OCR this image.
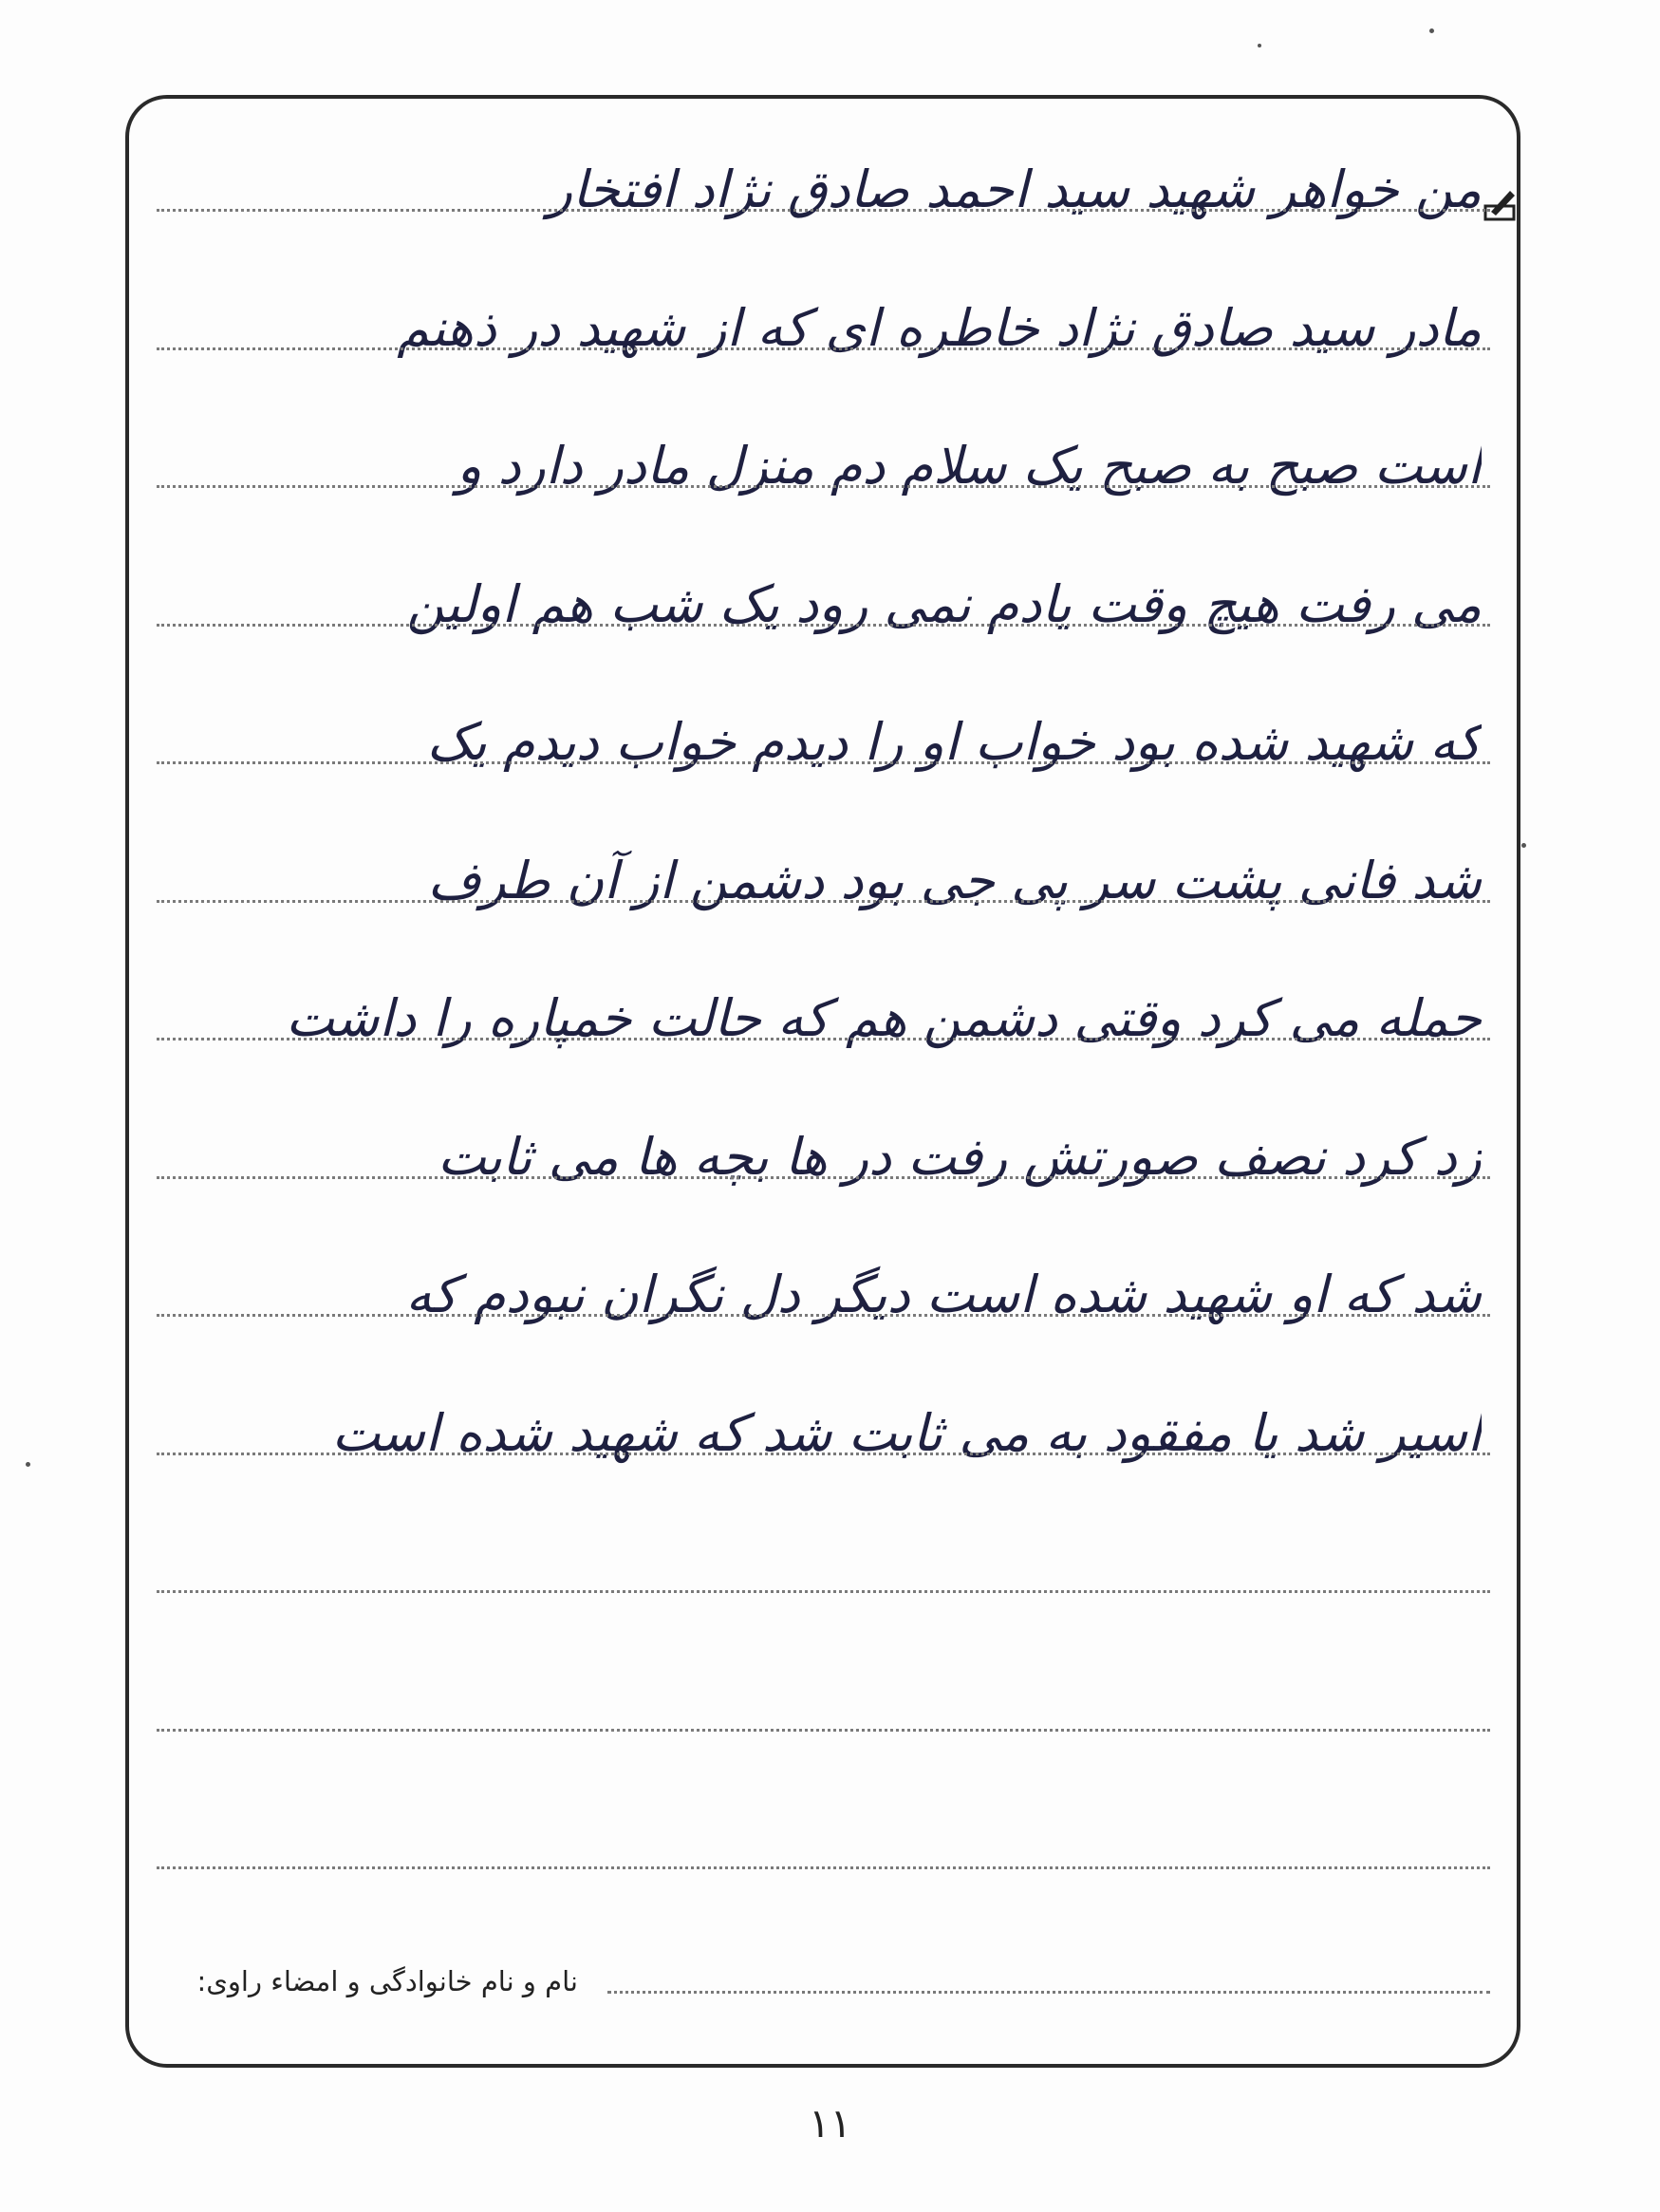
من خواهر شهید سید احمد صادق نژاد افتخار
مادر سید صادق نژاد خاطره ای که از شهید در ذهنم
است صبح به صبح یک سلام دم منزل مادر دارد و
می رفت هیچ وقت یادم نمی رود یک شب هم اولین
که شهید شده بود خواب او را دیدم خواب دیدم یک
شد فانی پشت سر پی جی بود دشمن از آن طرف
حمله می کرد وقتی دشمن هم که حالت خمپاره را داشت
زد کرد نصف صورتش رفت در ها بچه ها می ثابت
شد که او شهید شده است دیگر دل نگران نبودم که
اسیر شد یا مفقود به می ثابت شد که شهید شده است
نام و نام خانوادگی و امضاء راوی:
۱۱
